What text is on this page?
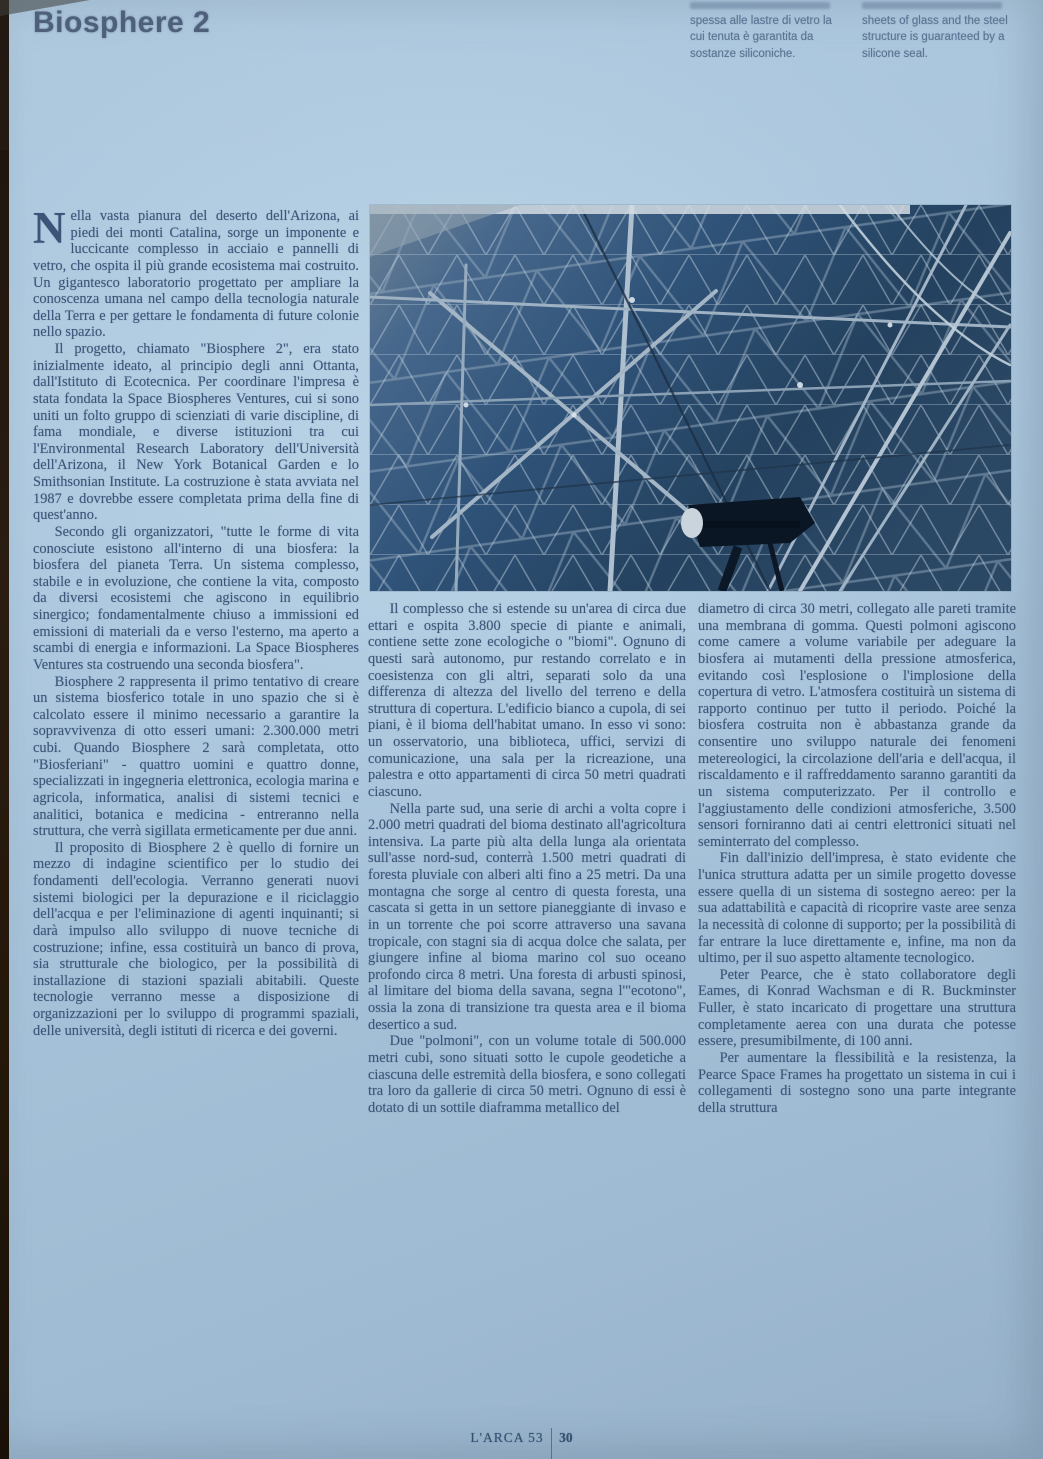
Biosphere 2	spessa alle lastre di vetro la cui tenuta è garantita da sostanze siliconiche.
sheets of glass and the steel structure is guaranteed by a silicone seal.

Nella vasta pianura del deserto dell'Arizona, ai piedi dei monti Catalina, sorge un imponente e luccicante complesso in acciaio e pannelli di vetro, che ospita il più grande ecosistema mai costruito. Un gigantesco laboratorio progettato per ampliare la conoscenza umana nel campo della tecnologia naturale della Terra e per gettare le fondamenta di future colonie nello spazio.

Il progetto, chiamato "Biosphere 2", era stato inizialmente ideato, al principio degli anni Ottanta, dall'Istituto di Ecotecnica. Per coordinare l'impresa è stata fondata la Space Biospheres Ventures, cui si sono uniti un folto gruppo di scienziati di varie discipline, di fama mondiale, e diverse istituzioni tra cui l'Environmental Research Laboratory dell'Università dell'Arizona, il New York Botanical Garden e lo Smithsonian Institute. La costruzione è stata avviata nel 1987 e dovrebbe essere completata prima della fine di quest'anno.

Secondo gli organizzatori, "tutte le forme di vita conosciute esistono all'interno di una biosfera: la biosfera del pianeta Terra. Un sistema complesso, stabile e in evoluzione, che contiene la vita, composto da diversi ecosistemi che agiscono in equilibrio sinergico; fondamentalmente chiuso a immissioni ed emissioni di materiali da e verso l'esterno, ma aperto a scambi di energia e informazioni. La Space Biospheres Ventures sta costruendo una seconda biosfera".

Biosphere 2 rappresenta il primo tentativo di creare un sistema biosferico totale in uno spazio che si è calcolato essere il minimo necessario a garantire la sopravvivenza di otto esseri umani: 2.300.000 metri cubi. Quando Biosphere 2 sarà completata, otto "Biosferiani" - quattro uomini e quattro donne, specializzati in ingegneria elettronica, ecologia marina e agricola, informatica, analisi di sistemi tecnici e analitici, botanica e medicina - entreranno nella struttura, che verrà sigillata ermeticamente per due anni.

Il proposito di Biosphere 2 è quello di fornire un mezzo di indagine scientifico per lo studio dei fondamenti dell'ecologia. Verranno generati nuovi sistemi biologici per la depurazione e il riciclaggio dell'acqua e per l'eliminazione di agenti inquinanti; si darà impulso allo sviluppo di nuove tecniche di costruzione; infine, essa costituirà un banco di prova, sia strutturale che biologico, per la possibilità di installazione di stazioni spaziali abitabili. Queste tecnologie verranno messe a disposizione di organizzazioni per lo sviluppo di programmi spaziali, delle università, degli istituti di ricerca e dei governi.

Il complesso che si estende su un'area di circa due ettari e ospita 3.800 specie di piante e animali, contiene sette zone ecologiche o "biomi". Ognuno di questi sarà autonomo, pur restando correlato e in coesistenza con gli altri, separati solo da una differenza di altezza del livello del terreno e della struttura di copertura. L'edificio bianco a cupola, di sei piani, è il bioma dell'habitat umano. In esso vi sono: un osservatorio, una biblioteca, uffici, servizi di comunicazione, una sala per la ricreazione, una palestra e otto appartamenti di circa 50 metri quadrati ciascuno.

Nella parte sud, una serie di archi a volta copre i 2.000 metri quadrati del bioma destinato all'agricoltura intensiva. La parte più alta della lunga ala orientata sull'asse nord-sud, conterrà 1.500 metri quadrati di foresta pluviale con alberi alti fino a 25 metri. Da una montagna che sorge al centro di questa foresta, una cascata si getta in un settore pianeggiante di invaso e in un torrente che poi scorre attraverso una savana tropicale, con stagni sia di acqua dolce che salata, per giungere infine al bioma marino col suo oceano profondo circa 8 metri. Una foresta di arbusti spinosi, al limitare del bioma della savana, segna l'"ecotono", ossia la zona di transizione tra questa area e il bioma desertico a sud.

Due "polmoni", con un volume totale di 500.000 metri cubi, sono situati sotto le cupole geodetiche a ciascuna delle estremità della biosfera, e sono collegati tra loro da gallerie di circa 50 metri. Ognuno di essi è dotato di un sottile diaframma metallico del

diametro di circa 30 metri, collegato alle pareti tramite una membrana di gomma. Questi polmoni agiscono come camere a volume variabile per adeguare la biosfera ai mutamenti della pressione atmosferica, evitando così l'esplosione o l'implosione della copertura di vetro. L'atmosfera costituirà un sistema di rapporto continuo per tutto il periodo. Poiché la biosfera costruita non è abbastanza grande da consentire uno sviluppo naturale dei fenomeni metereologici, la circolazione dell'aria e dell'acqua, il riscaldamento e il raffreddamento saranno garantiti da un sistema computerizzato. Per il controllo e l'aggiustamento delle condizioni atmosferiche, 3.500 sensori forniranno dati ai centri elettronici situati nel seminterrato del complesso.

Fin dall'inizio dell'impresa, è stato evidente che l'unica struttura adatta per un simile progetto dovesse essere quella di un sistema di sostegno aereo: per la sua adattabilità e capacità di ricoprire vaste aree senza la necessità di colonne di supporto; per la possibilità di far entrare la luce direttamente e, infine, ma non da ultimo, per il suo aspetto altamente tecnologico.

Peter Pearce, che è stato collaboratore degli Eames, di Konrad Wachsman e di R. Buckminster Fuller, è stato incaricato di progettare una struttura completamente aerea con una durata che potesse essere, presumibilmente, di 100 anni.

Per aumentare la flessibilità e la resistenza, la Pearce Space Frames ha progettato un sistema in cui i collegamenti di sostegno sono una parte integrante della struttura

L'ARCA 53 30
